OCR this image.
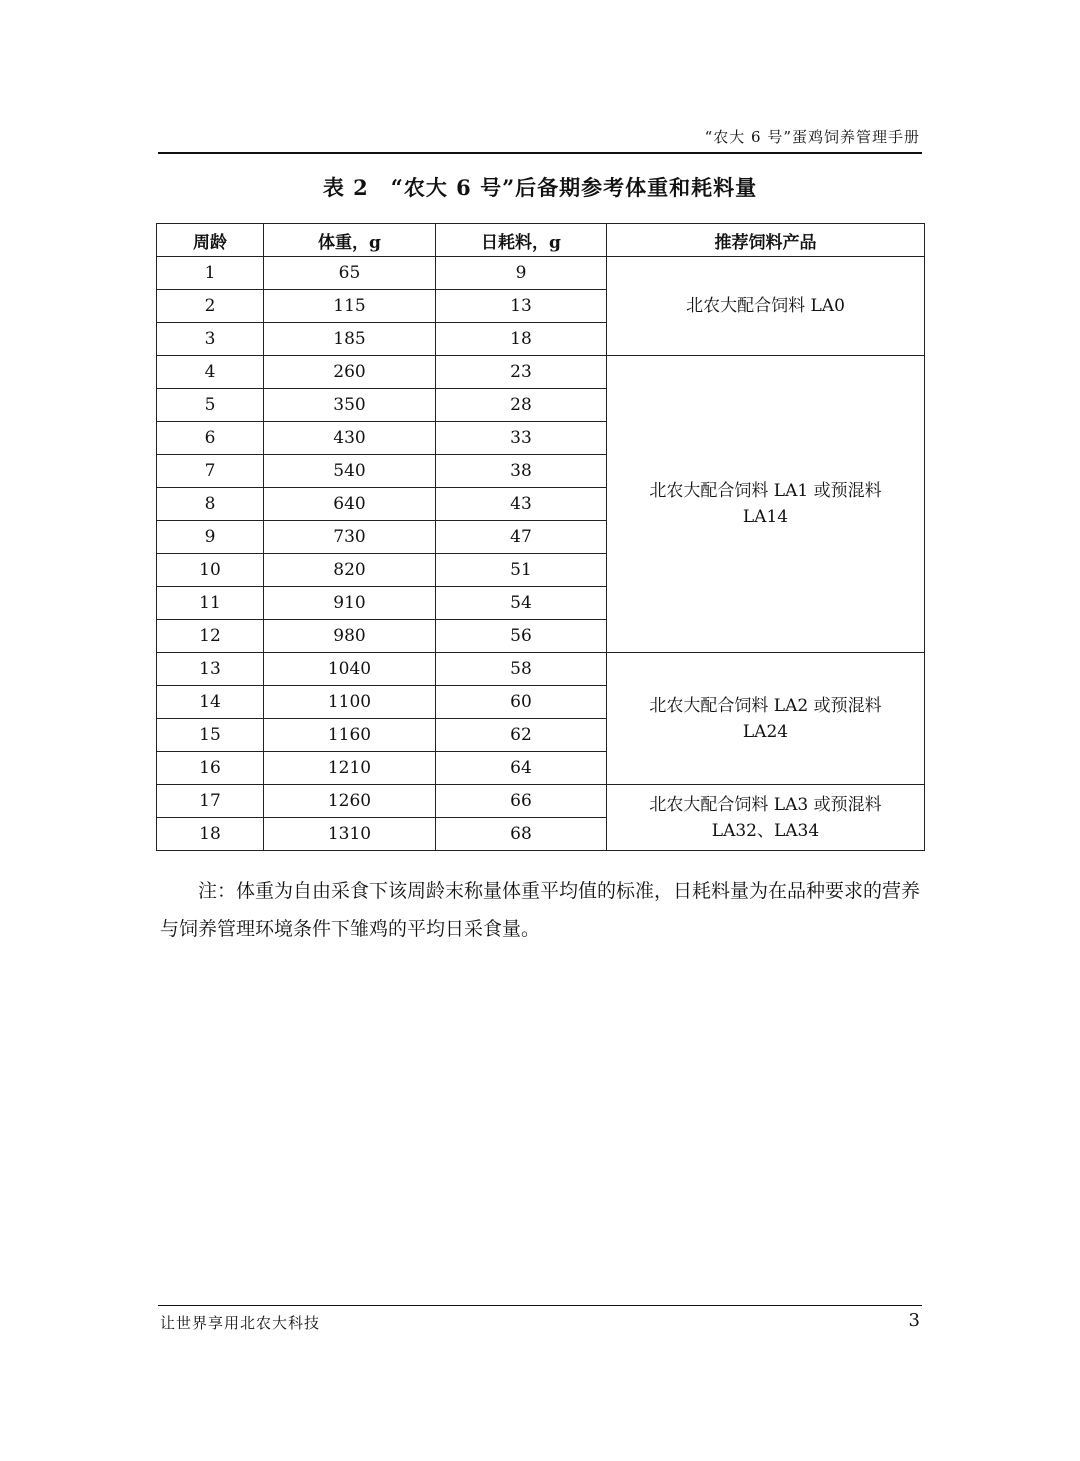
“农大 6 号”蛋鸡饲养管理手册
表 2　“农大 6 号”后备期参考体重和耗料量
周龄	体重，g	日耗料，g	推荐饲料产品
1	65	9	北农大配合饲料 LA0
2	115	13	
3	185	18	
4	260	23	北农大配合饲料 LA1 或预混料 LA14
5	350	28	
6	430	33	
7	540	38	
8	640	43	
9	730	47	
10	820	51	
11	910	54	
12	980	56	
13	1040	58	北农大配合饲料 LA2 或预混料 LA24
14	1100	60	
15	1160	62	
16	1210	64	
17	1260	66	北农大配合饲料 LA3 或预混料 LA32、LA34
18	1310	68	
注：体重为自由采食下该周龄末称量体重平均值的标准，日耗料量为在品种要求的营养与饲养管理环境条件下雏鸡的平均日采食量。
让世界享用北农大科技	3
